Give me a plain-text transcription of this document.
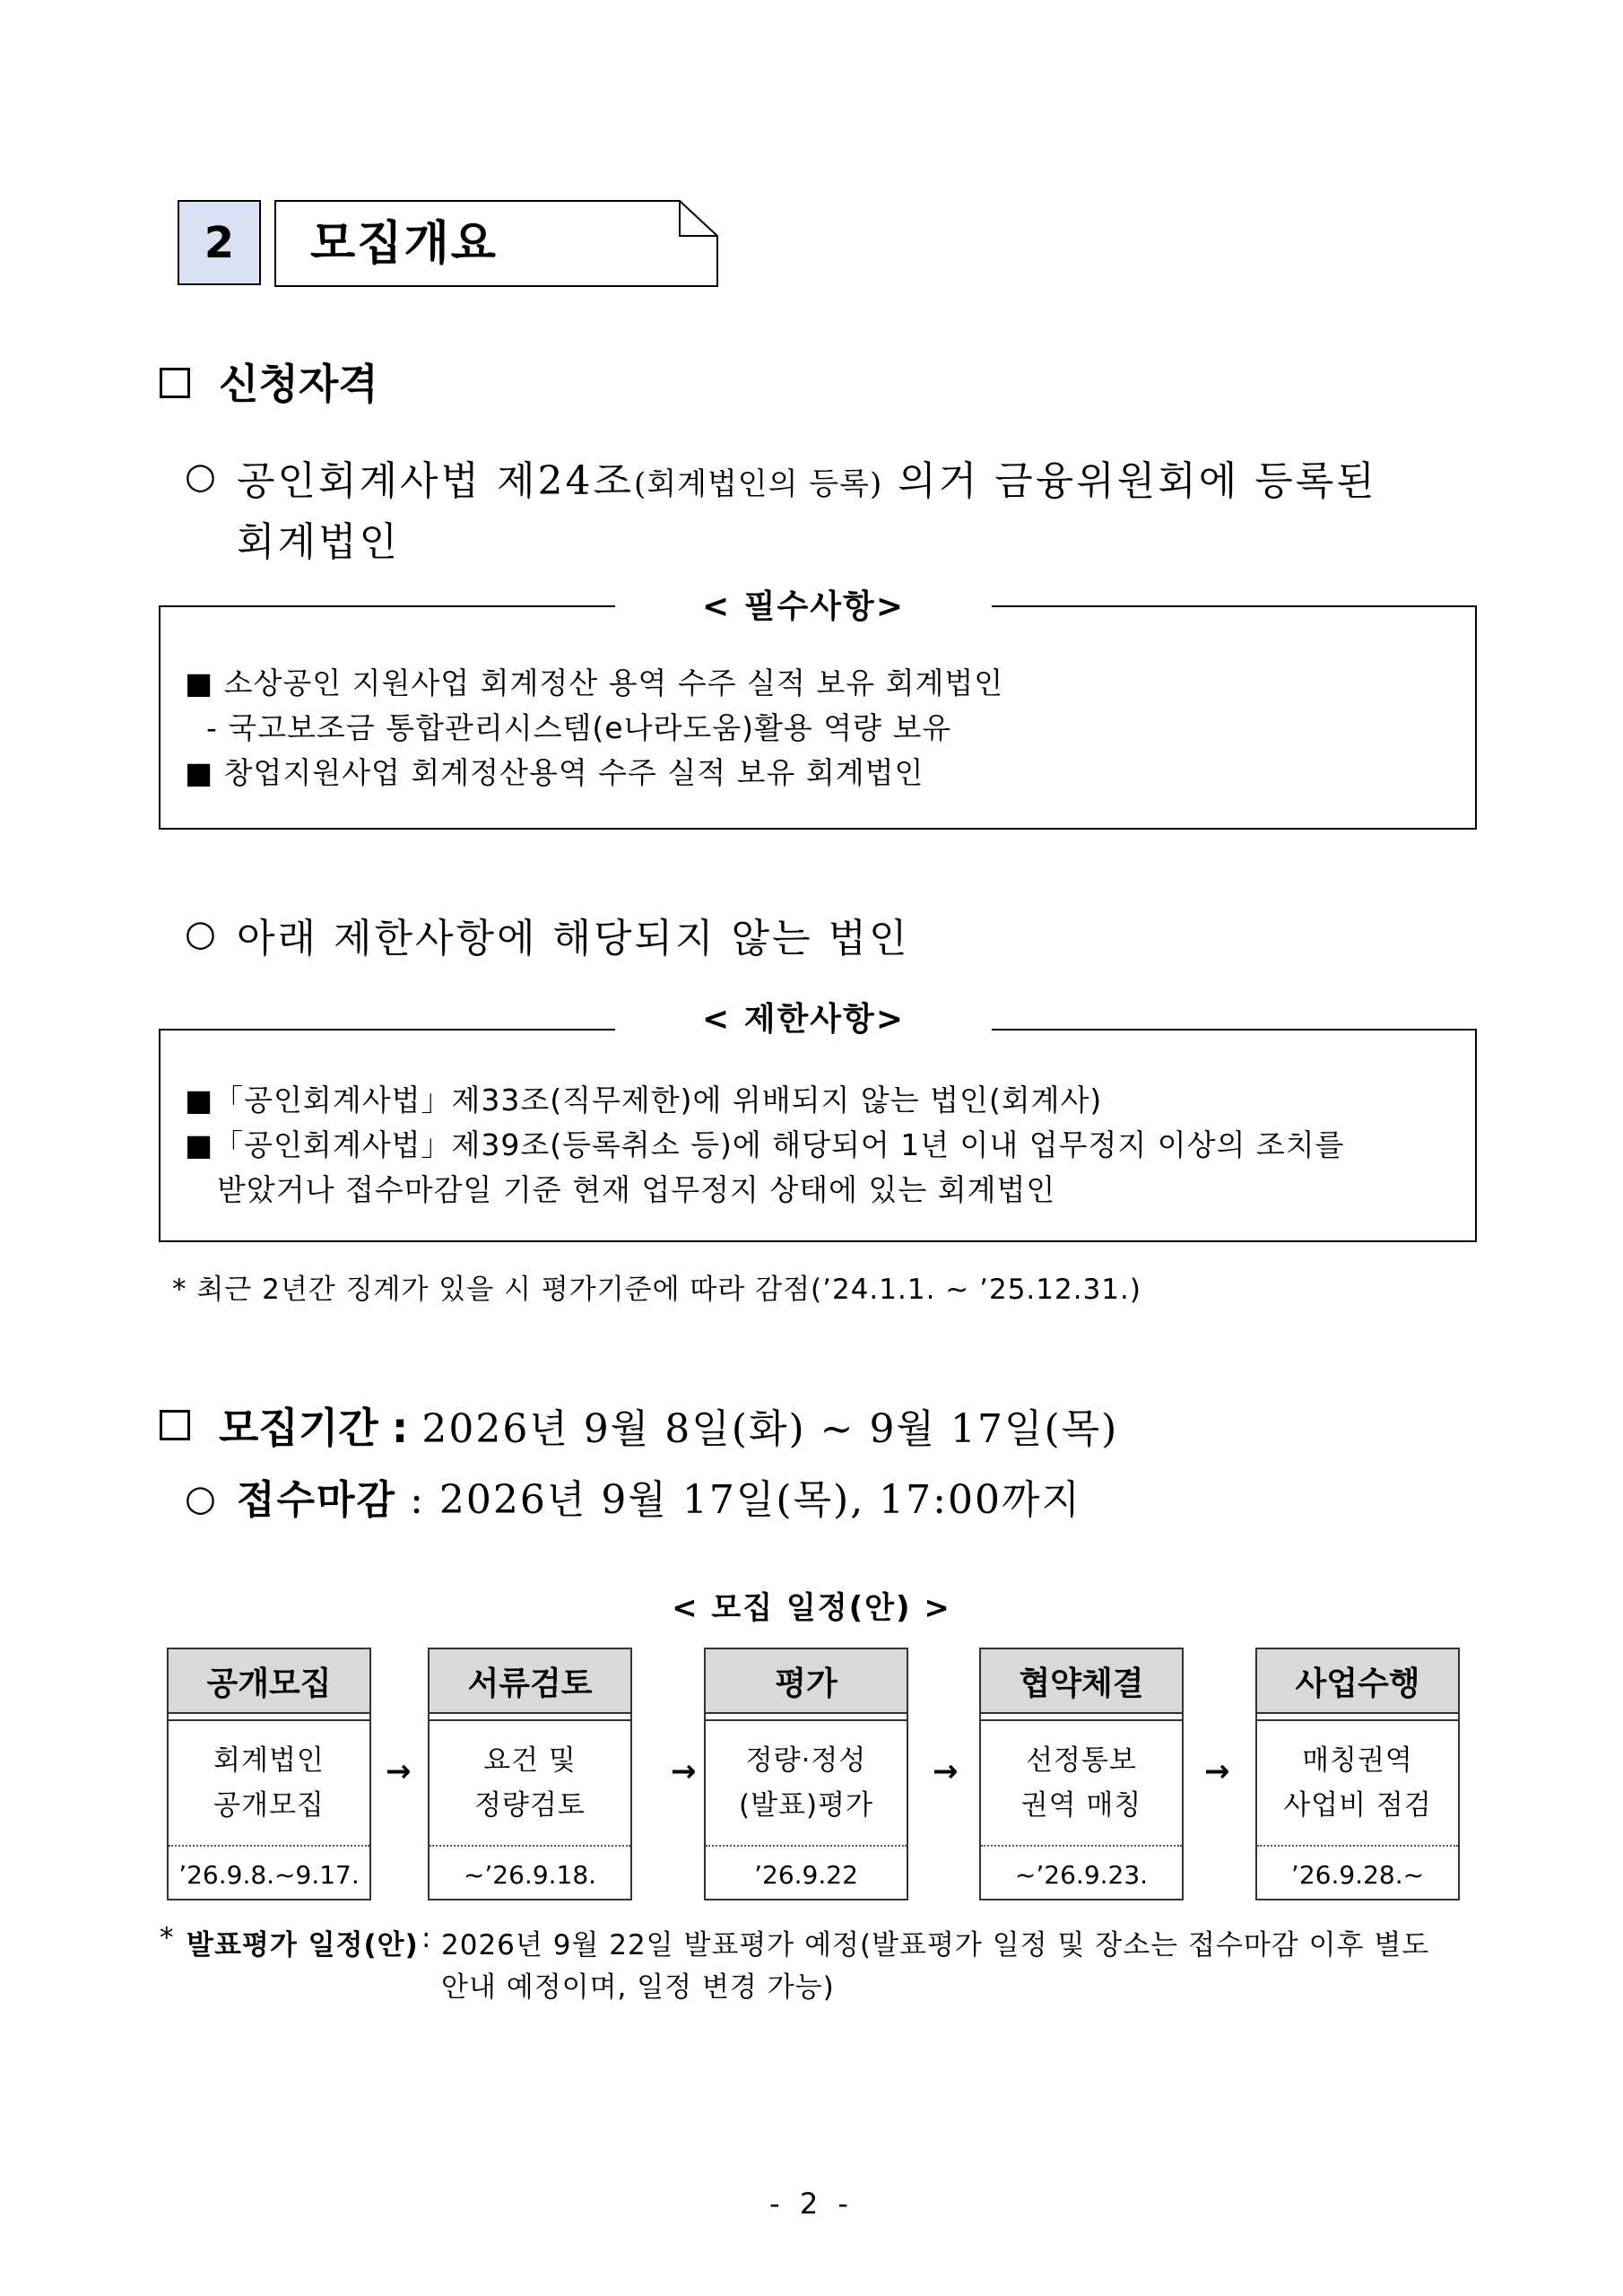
2	모집개요
신청자격
○ 공인회계사법 제24조(회계법인의 등록) 의거 금융위원회에 등록된
회계법인
< 필수사항>
■ 소상공인 지원사업 회계정산 용역 수주 실적 보유 회계법인
- 국고보조금 통합관리시스템(e나라도움)활용 역량 보유
■ 창업지원사업 회계정산용역 수주 실적 보유 회계법인
○ 아래 제한사항에 해당되지 않는 법인
< 제한사항>
■「공인회계사법」제33조(직무제한)에 위배되지 않는 법인(회계사)
■「공인회계사법」제39조(등록취소 등)에 해당되어 1년 이내 업무정지 이상의 조치를
받았거나 접수마감일 기준 현재 업무정지 상태에 있는 회계법인
* 최근 2년간 징계가 있을 시 평가기준에 따라 감점(’24.1.1. ~ ’25.12.31.)
모집기간 : 2026년 9월 8일(화) ~ 9월 17일(목)
○ 접수마감 : 2026년 9월 17일(목), 17:00까지
< 모집 일정(안) >
공개모집
회계법인
공개모집
’26.9.8.~9.17.
→
서류검토
요건 및
정량검토
~’26.9.18.
→
평가
정량·정성
(발표)평가
’26.9.22
→
협약체결
선정통보
권역 매칭
~’26.9.23.
→
사업수행
매칭권역
사업비 점검
’26.9.28.~
* 발표평가 일정(안) : 2026년 9월 22일 발표평가 예정(발표평가 일정 및 장소는 접수마감 이후 별도
안내 예정이며, 일정 변경 가능)
- 2 -
